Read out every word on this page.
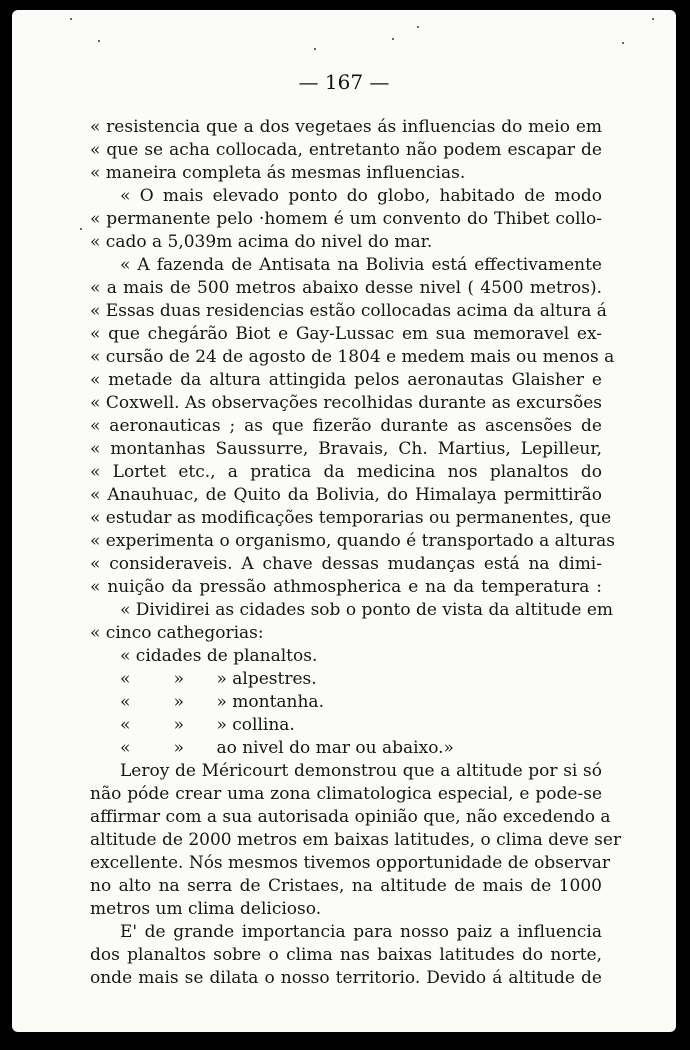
— 167 —
« resistencia que a dos vegetaes ás influencias do meio em
« que se acha collocada, entretanto não podem escapar de
« maneira completa ás mesmas influencias.
« O mais elevado ponto do globo, habitado de modo
« permanente pelo ·homem é um convento do Thibet collo-
« cado a 5,039m acima do nivel do mar.
« A fazenda de Antisata na Bolivia está effectivamente
« a mais de 500 metros abaixo desse nivel ( 4500 metros).
« Essas duas residencias estão collocadas acima da altura á
« que chegárão Biot e Gay-Lussac em sua memoravel ex-
« cursão de 24 de agosto de 1804 e medem mais ou menos a
« metade da altura attingida pelos aeronautas Glaisher e
« Coxwell. As observações recolhidas durante as excursões
« aeronauticas ; as que fizerão durante as ascensões de
« montanhas Saussurre, Bravais, Ch. Martius, Lepilleur,
« Lortet etc., a pratica da medicina nos planaltos do
« Anauhuac, de Quito da Bolivia, do Himalaya permittirão
« estudar as modificações temporarias ou permanentes, que
« experimenta o organismo, quando é transportado a alturas
« consideraveis. A chave dessas mudanças está na dimi-
« nuição da pressão athmospherica e na da temperatura :
« Dividirei as cidades sob o ponto de vista da altitude em
« cinco cathegorias:
« cidades de planaltos.
«        »      » alpestres.
«        »      » montanha.
«        »      » collina.
«        »      ao nivel do mar ou abaixo.»
Leroy de Méricourt demonstrou que a altitude por si só
não póde crear uma zona climatologica especial, e pode-se
affirmar com a sua autorisada opinião que, não excedendo a
altitude de 2000 metros em baixas latitudes, o clima deve ser
excellente. Nós mesmos tivemos opportunidade de observar
no alto na serra de Cristaes, na altitude de mais de 1000
metros um clima delicioso.
E' de grande importancia para nosso paiz a influencia
dos planaltos sobre o clima nas baixas latitudes do norte,
onde mais se dilata o nosso territorio. Devido á altitude de
